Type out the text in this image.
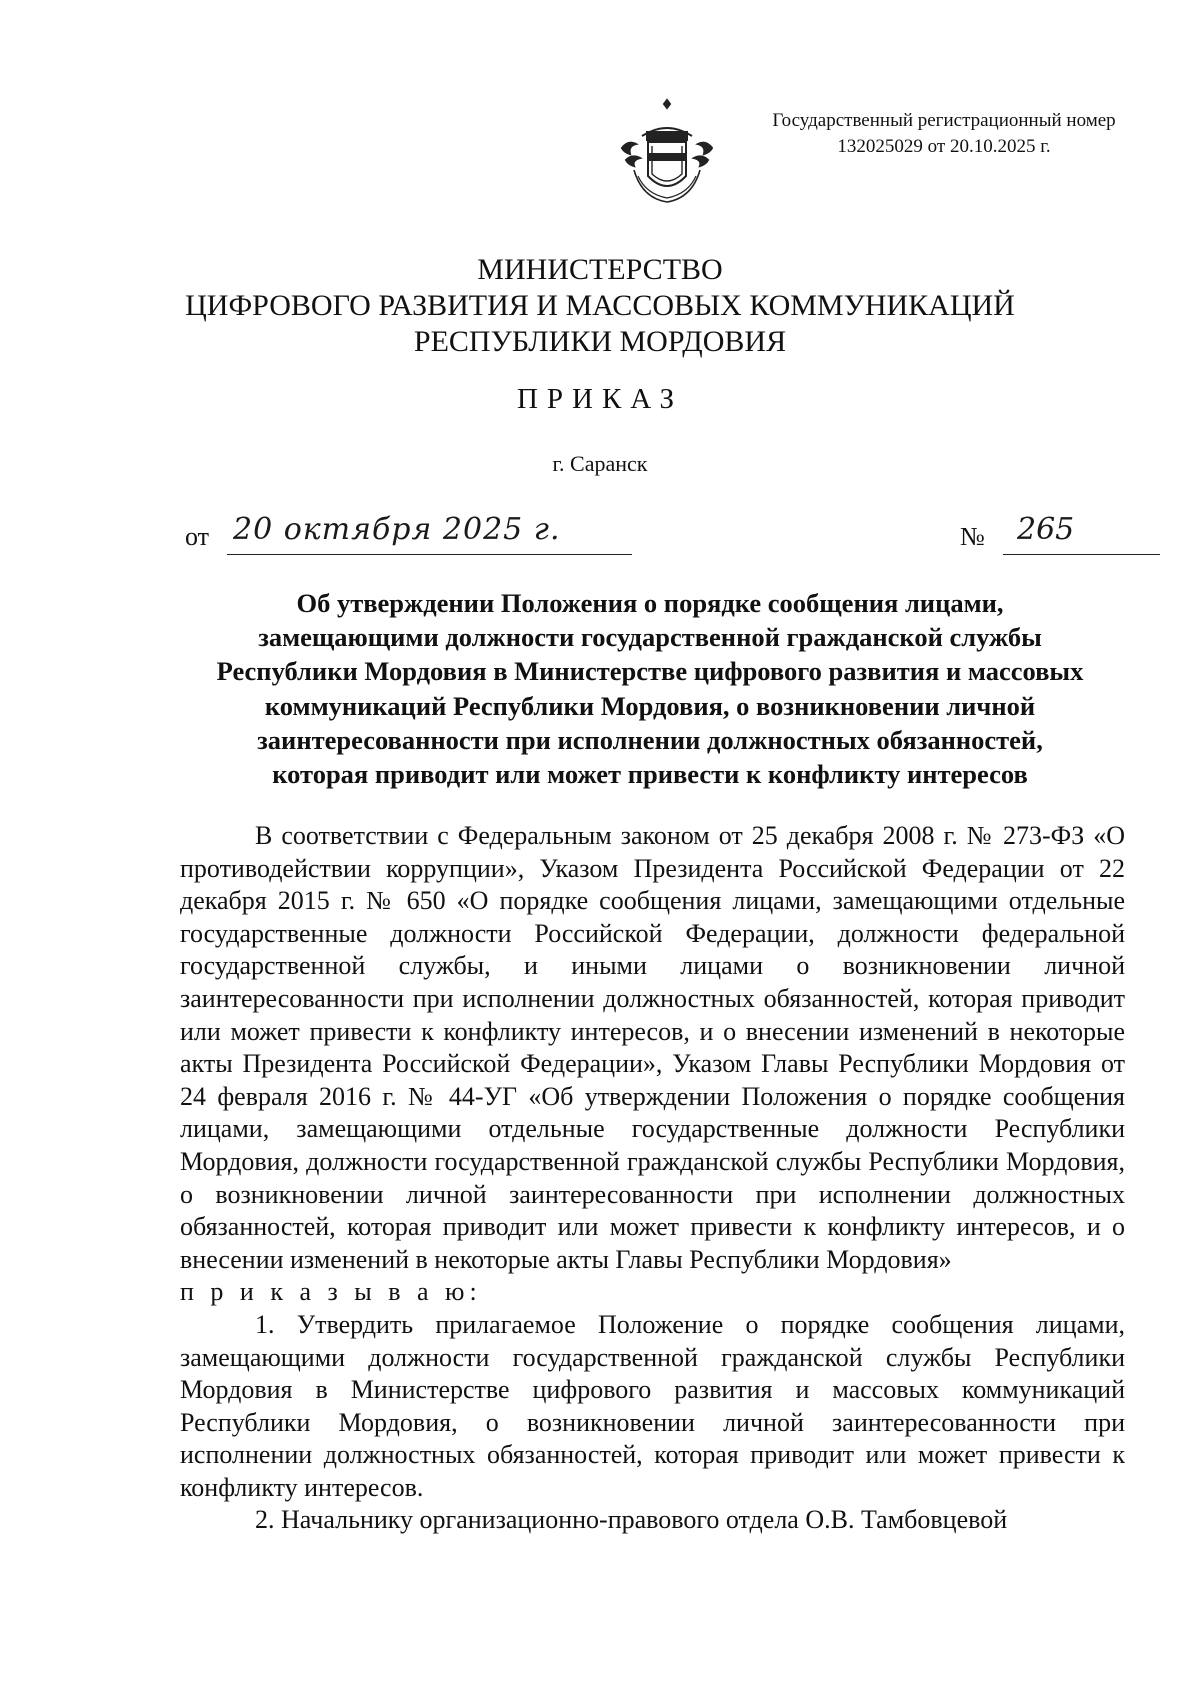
Государственный регистрационный номер
132025029 от 20.10.2025 г.
МИНИСТЕРСТВО
ЦИФРОВОГО РАЗВИТИЯ И МАССОВЫХ КОММУНИКАЦИЙ
РЕСПУБЛИКИ МОРДОВИЯ
ПРИКАЗ
г. Саранск
от 20 октября 2025 г.	№ 265
Об утверждении Положения о порядке сообщения лицами,
замещающими должности государственной гражданской службы
Республики Мордовия в Министерстве цифрового развития и массовых
коммуникаций Республики Мордовия, о возникновении личной
заинтересованности при исполнении должностных обязанностей,
которая приводит или может привести к конфликту интересов

В соответствии с Федеральным законом от 25 декабря 2008 г. № 273-ФЗ «О противодействии коррупции», Указом Президента Российской Федерации от 22 декабря 2015 г. № 650 «О порядке сообщения лицами, замещающими отдельные государственные должности Российской Федерации, должности федеральной государственной службы, и иными лицами о возникновении личной заинтересованности при исполнении должностных обязанностей, которая приводит или может привести к конфликту интересов, и о внесении изменений в некоторые акты Президента Российской Федерации», Указом Главы Республики Мордовия от 24 февраля 2016 г. № 44-УГ «Об утверждении Положения о порядке сообщения лицами, замещающими отдельные государственные должности Республики Мордовия, должности государственной гражданской службы Республики Мордовия, о возникновении личной заинтересованности при исполнении должностных обязанностей, которая приводит или может привести к конфликту интересов, и о внесении изменений в некоторые акты Главы Республики Мордовия»

п р и к а з ы в а ю:

1. Утвердить прилагаемое Положение о порядке сообщения лицами, замещающими должности государственной гражданской службы Республики Мордовия в Министерстве цифрового развития и массовых коммуникаций Республики Мордовия, о возникновении личной заинтересованности при исполнении должностных обязанностей, которая приводит или может привести к конфликту интересов.

2. Начальнику организационно-правового отдела О.В. Тамбовцевой
